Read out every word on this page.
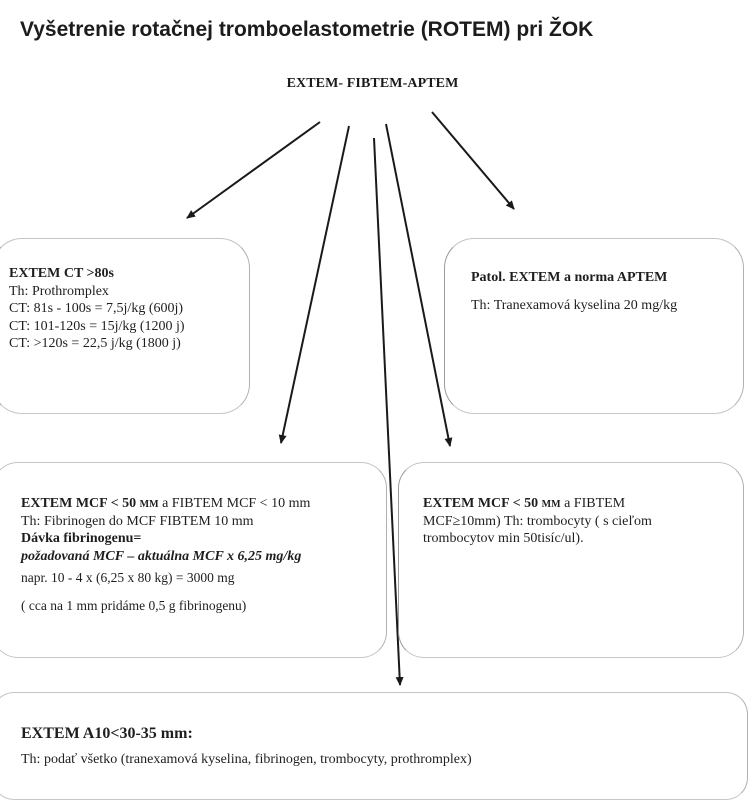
Vyšetrenie rotačnej tromboelastometrie (ROTEM) pri ŽOK
EXTEM- FIBTEM-APTEM
EXTEM CT >80s
Th: Prothromplex
CT: 81s - 100s = 7,5j/kg (600j)
CT: 101-120s = 15j/kg (1200 j)
CT: >120s = 22,5 j/kg (1800 j)
Patol. EXTEM a norma APTEM
Th: Tranexamová kyselina 20 mg/kg
EXTEM MCF < 50 mm a FIBTEM MCF < 10 mm
Th: Fibrinogen do MCF FIBTEM 10 mm
Dávka fibrinogenu=
požadovaná MCF – aktuálna MCF x 6,25 mg/kg
napr. 10 - 4 x (6,25 x 80 kg) = 3000 mg
( cca na 1 mm pridáme 0,5 g fibrinogenu)
EXTEM MCF < 50 mm a FIBTEM
MCF≥10mm) Th: trombocyty ( s cieľom
trombocytov min 50tisíc/ul).
EXTEM A10<30-35 mm:
Th: podať všetko (tranexamová kyselina, fibrinogen, trombocyty, prothromplex)
